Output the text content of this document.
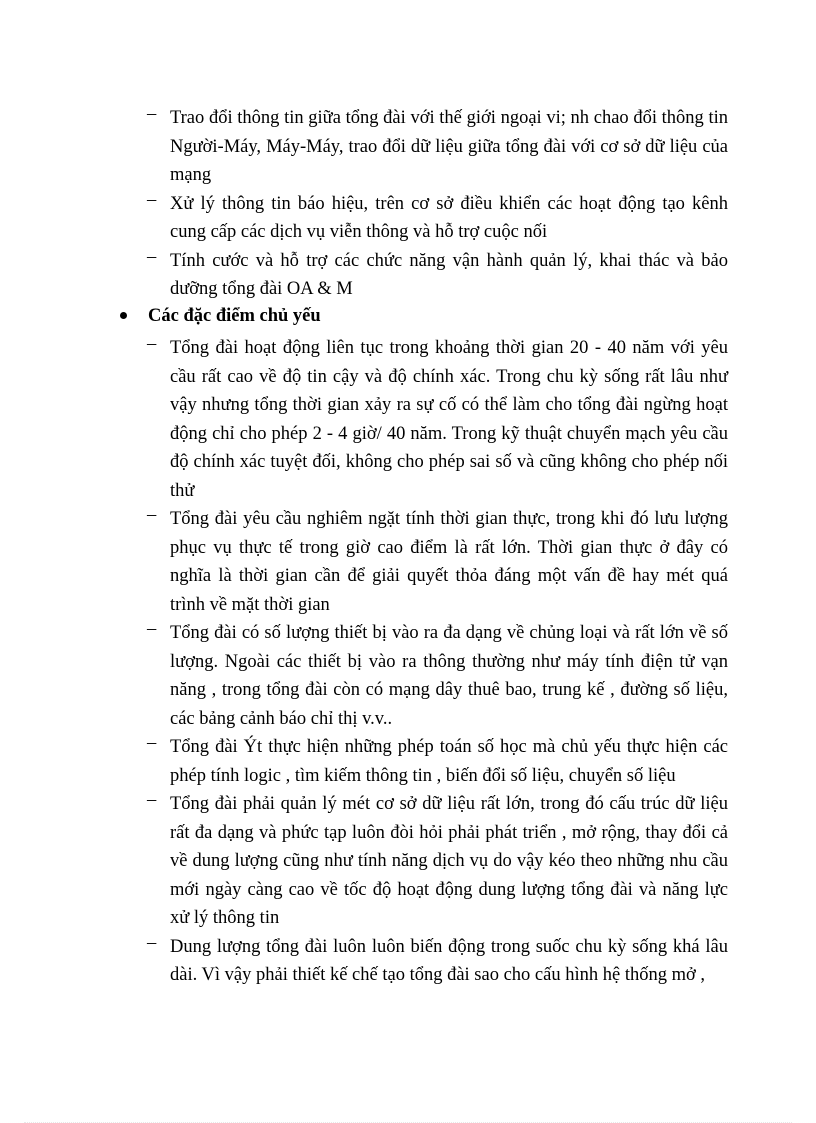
– Trao đổi thông tin giữa tổng đài với thế giới ngoại vi; nh chao đổi thông tin Người-Máy, Máy-Máy, trao đổi dữ liệu giữa tổng đài với cơ sở dữ liệu của mạng
– Xử lý thông tin báo hiệu, trên cơ sở điều khiển các hoạt động tạo kênh cung cấp các dịch vụ viễn thông và hỗ trợ cuộc nối
– Tính cước và hỗ trợ các chức năng vận hành quản lý, khai thác và bảo dưỡng tổng đài OA & M
Các đặc điểm chủ yếu
– Tổng đài hoạt động liên tục trong khoảng thời gian 20 - 40 năm với yêu cầu rất cao về độ tin cậy và độ chính xác. Trong chu kỳ sống rất lâu như vậy nhưng tổng thời gian xảy ra sự cố có thể làm cho tổng đài ngừng hoạt động chỉ cho phép 2 - 4 giờ/ 40 năm. Trong kỹ thuật chuyển mạch yêu cầu độ chính xác tuyệt đối, không cho phép sai số và cũng không cho phép nối thử
– Tổng đài yêu cầu nghiêm ngặt tính thời gian thực, trong khi đó lưu lượng phục vụ thực tế trong giờ cao điểm là rất lớn. Thời gian thực ở đây có nghĩa là thời gian cần để giải quyết thỏa đáng một vấn đề hay mét quá trình về mặt thời gian
– Tổng đài có số lượng thiết bị vào ra đa dạng về chủng loại và rất lớn về số lượng. Ngoài các thiết bị vào ra thông thường như máy tính điện tử vạn năng , trong tổng đài còn có mạng dây thuê bao, trung kế , đường số liệu, các bảng cảnh báo chỉ thị v.v..
– Tổng đài Ýt thực hiện những phép toán số học mà chủ yếu thực hiện các phép tính logic , tìm kiếm thông tin , biến đổi số liệu, chuyển số liệu
– Tổng đài phải quản lý mét cơ sở dữ liệu rất lớn, trong đó cấu trúc dữ liệu rất đa dạng và phức tạp luôn đòi hỏi phải phát triển , mở rộng, thay đổi cả về dung lượng cũng như tính năng dịch vụ do vậy kéo theo những nhu cầu mới ngày càng cao về tốc độ hoạt động dung lượng tổng đài và năng lực xử lý thông tin
– Dung lượng tổng đài luôn luôn biến động trong suốc chu kỳ sống khá lâu dài. Vì vậy phải thiết kế chế tạo tổng đài sao cho cấu hình hệ thống mở ,
